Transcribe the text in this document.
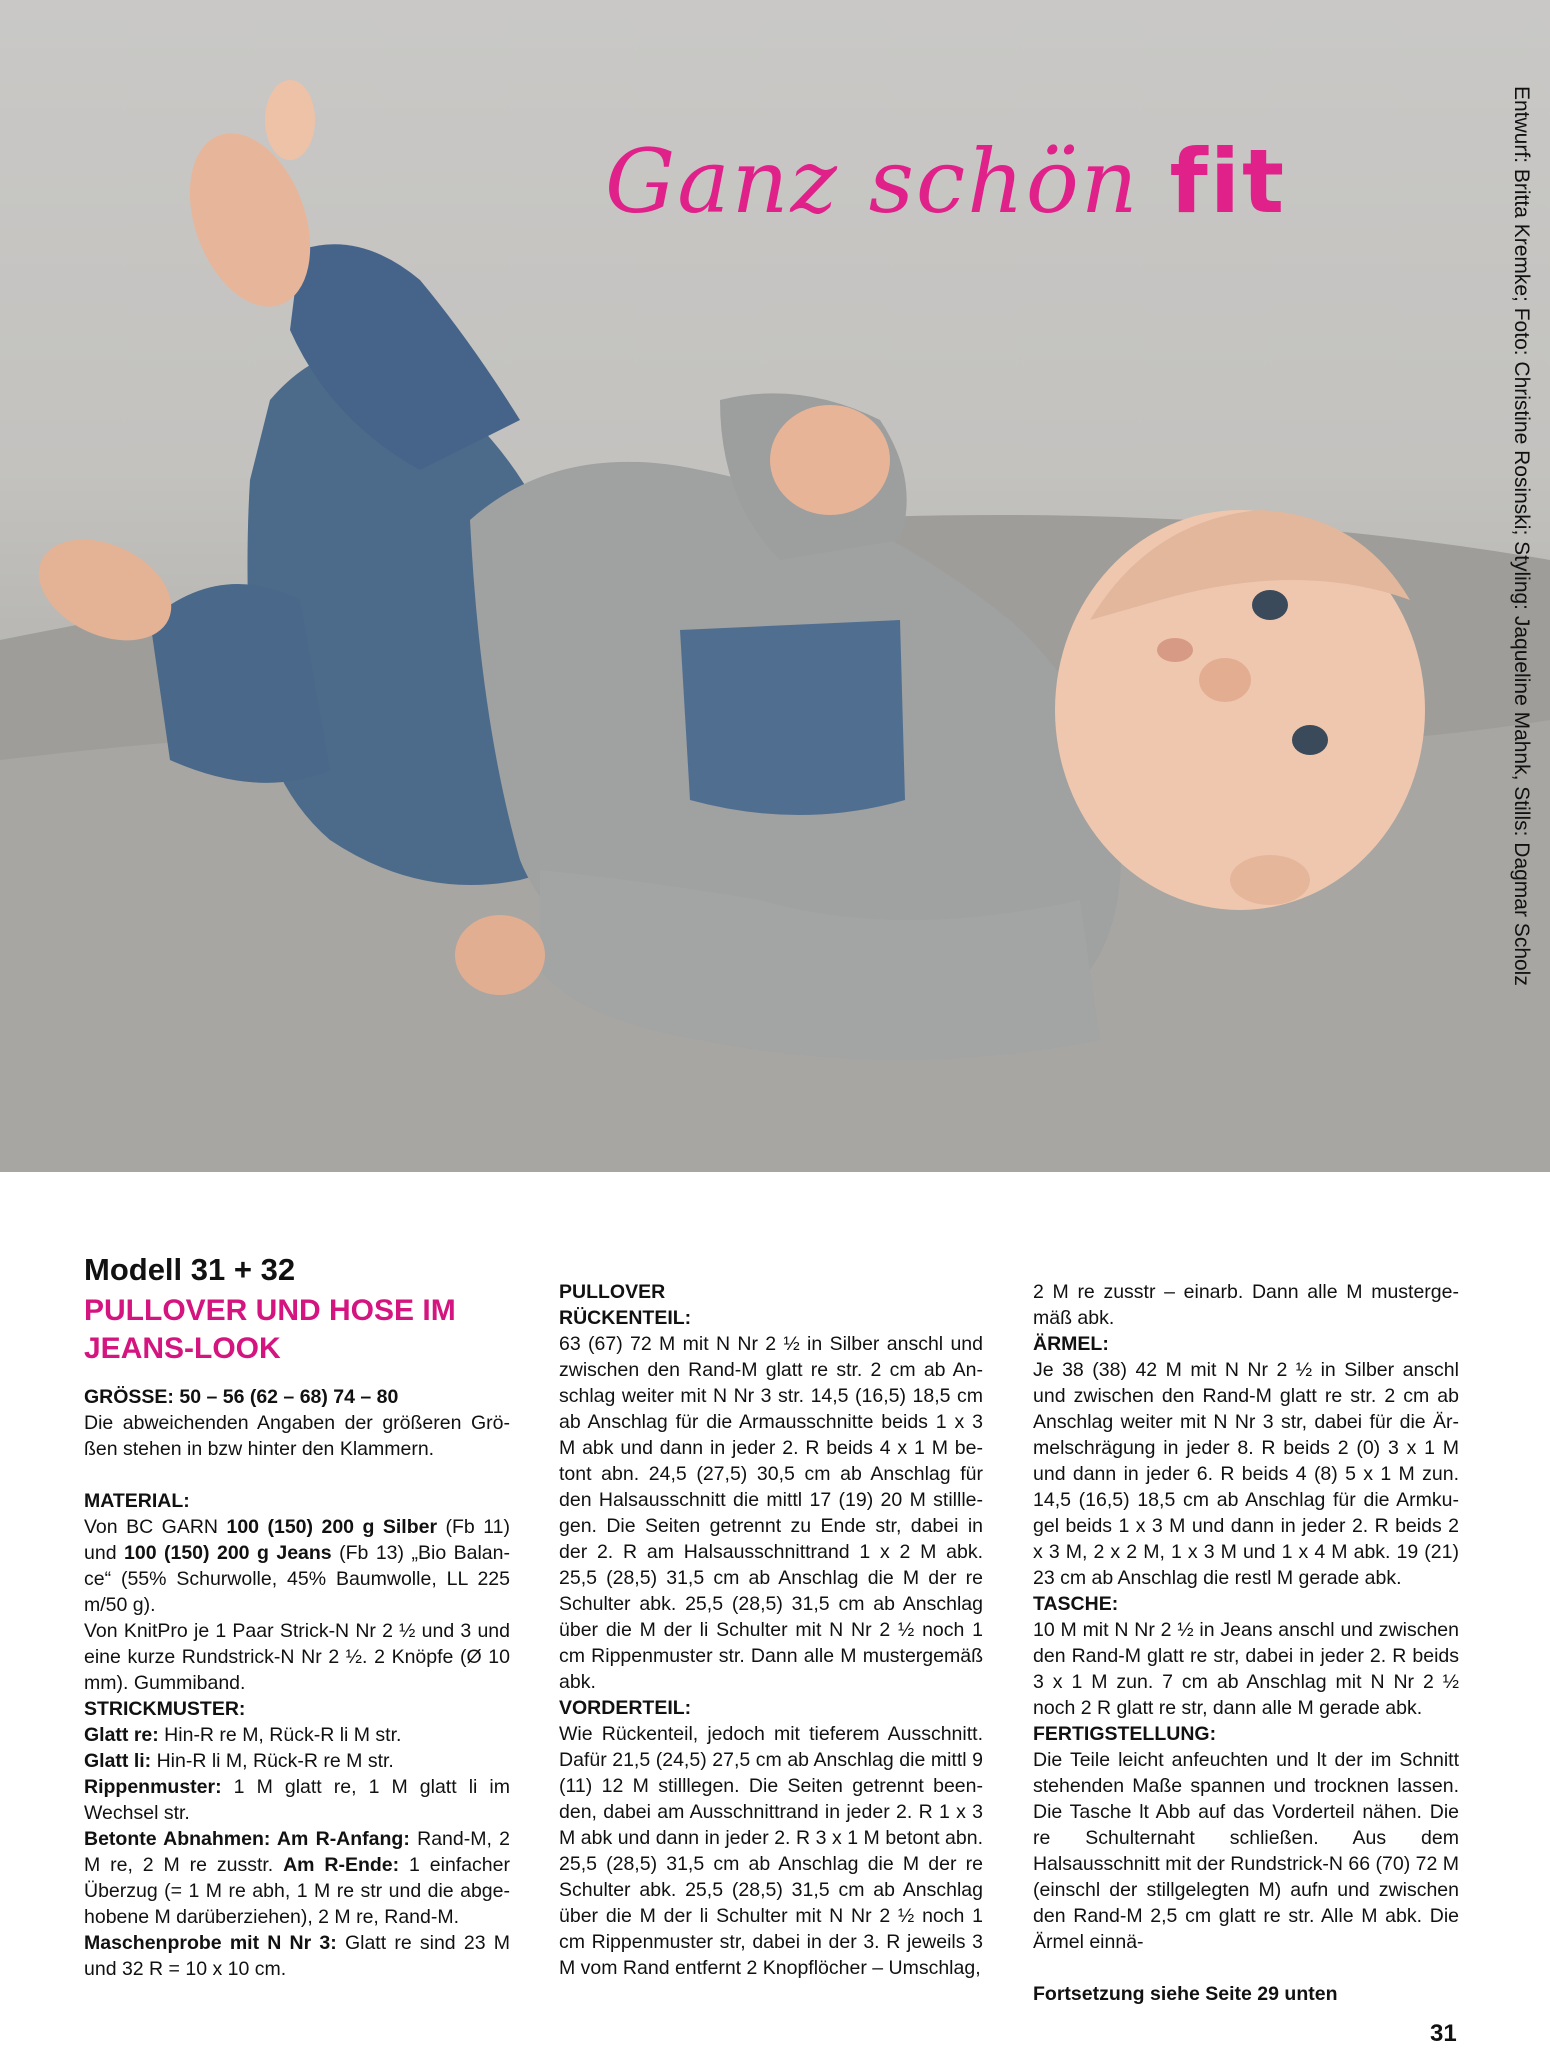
Ganz schön fit	Entwurf: Britta Kremke; Foto: Christine Rosinski; Styling: Jaqueline Mahnk, Stills: Dagmar Scholz
Modell 31 + 32
PULLOVER UND HOSE IM JEANS-LOOK
GRÖSSE: 50 – 56 (62 – 68) 74 – 80

Die abweichenden Angaben der größeren Größen stehen in bzw hinter den Klammern.

MATERIAL:

Von BC GARN 100 (150) 200 g Silber (Fb 11) und 100 (150) 200 g Jeans (Fb 13) „Bio Balance“ (55% Schurwolle, 45% Baumwolle, LL 225 m/50 g).

Von KnitPro je 1 Paar Strick-N Nr 2 ½ und 3 und eine kurze Rundstrick-N Nr 2 ½. 2 Knöpfe (Ø 10 mm). Gummiband.

STRICKMUSTER:

Glatt re: Hin-R re M, Rück-R li M str.

Glatt li: Hin-R li M, Rück-R re M str.

Rippenmuster: 1 M glatt re, 1 M glatt li im Wechsel str.

Betonte Abnahmen: Am R-Anfang: Rand-M, 2 M re, 2 M re zusstr. Am R-Ende: 1 einfacher Überzug (= 1 M re abh, 1 M re str und die abgehobene M darüberziehen), 2 M re, Rand-M.

Maschenprobe mit N Nr 3: Glatt re sind 23 M und 32 R = 10 x 10 cm.

PULLOVER
RÜCKENTEIL:

63 (67) 72 M mit N Nr 2 ½ in Silber anschl und zwischen den Rand-M glatt re str. 2 cm ab Anschlag weiter mit N Nr 3 str. 14,5 (16,5) 18,5 cm ab Anschlag für die Armausschnitte beids 1 x 3 M abk und dann in jeder 2. R beids 4 x 1 M betont abn. 24,5 (27,5) 30,5 cm ab Anschlag für den Halsausschnitt die mittl 17 (19) 20 M stilllegen. Die Seiten getrennt zu Ende str, dabei in der 2. R am Halsausschnittrand 1 x 2 M abk. 25,5 (28,5) 31,5 cm ab Anschlag die M der re Schulter abk. 25,5 (28,5) 31,5 cm ab Anschlag über die M der li Schulter mit N Nr 2 ½ noch 1 cm Rippenmuster str. Dann alle M mustergemäß abk.

VORDERTEIL:

Wie Rückenteil, jedoch mit tieferem Ausschnitt. Dafür 21,5 (24,5) 27,5 cm ab Anschlag die mittl 9 (11) 12 M stilllegen. Die Seiten getrennt beenden, dabei am Ausschnittrand in jeder 2. R 1 x 3 M abk und dann in jeder 2. R 3 x 1 M betont abn. 25,5 (28,5) 31,5 cm ab Anschlag die M der re Schulter abk. 25,5 (28,5) 31,5 cm ab Anschlag über die M der li Schulter mit N Nr 2 ½ noch 1 cm Rippenmuster str, dabei in der 3. R jeweils 3 M vom Rand entfernt 2 Knopflöcher – Umschlag,

2 M re zusstr – einarb. Dann alle M mustergemäß abk.

ÄRMEL:

Je 38 (38) 42 M mit N Nr 2 ½ in Silber anschl und zwischen den Rand-M glatt re str. 2 cm ab Anschlag weiter mit N Nr 3 str, dabei für die Ärmelschrägung in jeder 8. R beids 2 (0) 3 x 1 M und dann in jeder 6. R beids 4 (8) 5 x 1 M zun. 14,5 (16,5) 18,5 cm ab Anschlag für die Armkugel beids 1 x 3 M und dann in jeder 2. R beids 2 x 3 M, 2 x 2 M, 1 x 3 M und 1 x 4 M abk. 19 (21) 23 cm ab Anschlag die restl M gerade abk.

TASCHE:

10 M mit N Nr 2 ½ in Jeans anschl und zwischen den Rand-M glatt re str, dabei in jeder 2. R beids 3 x 1 M zun. 7 cm ab Anschlag mit N Nr 2 ½ noch 2 R glatt re str, dann alle M gerade abk.

FERTIGSTELLUNG:

Die Teile leicht anfeuchten und lt der im Schnitt stehenden Maße spannen und trocknen lassen. Die Tasche lt Abb auf das Vorderteil nähen. Die re Schulternaht schließen. Aus dem Halsausschnitt mit der Rundstrick-N 66 (70) 72 M (einschl der stillgelegten M) aufn und zwischen den Rand-M 2,5 cm glatt re str. Alle M abk. Die Ärmel einnä-

Fortsetzung siehe Seite 29 unten
31
